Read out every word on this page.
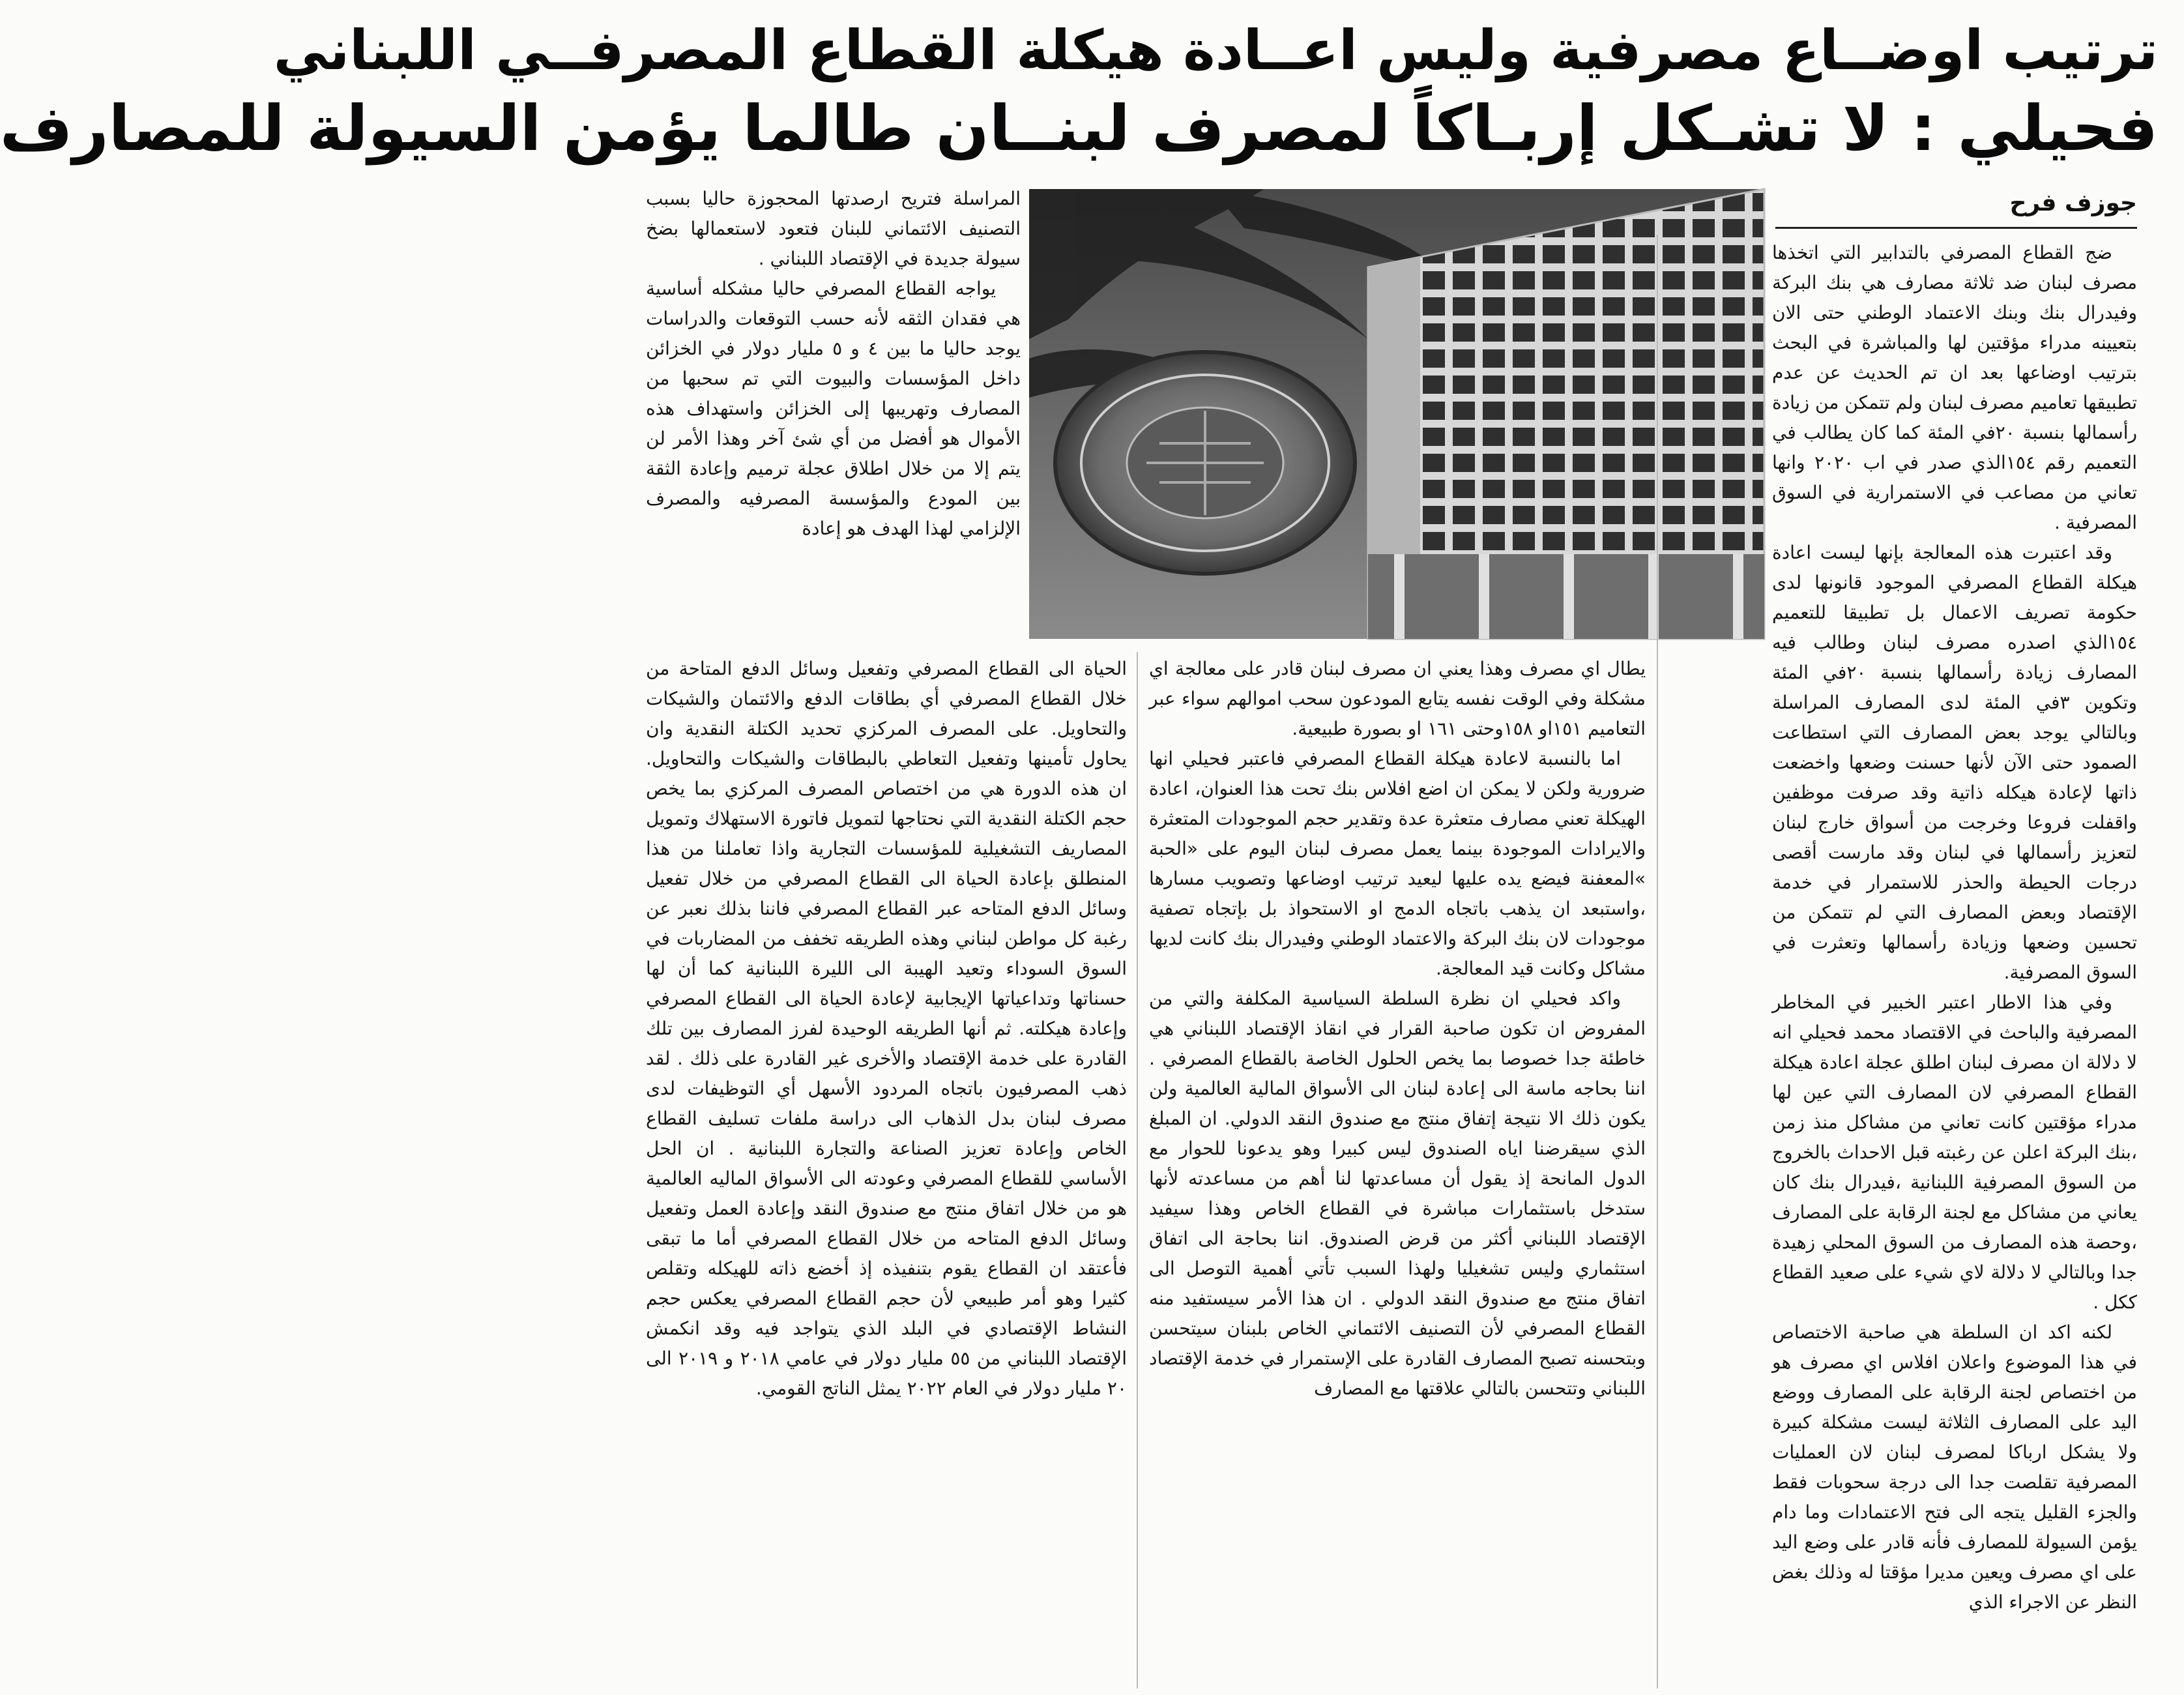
ترتيب اوضــاع مصرفية وليس اعــادة هيكلة القطاع المصرفــي اللبناني
فحيلي : لا تشـكل إربـاكاً لمصرف لبنــان طالما يؤمن السيولة للمصارف
جوزف فرح

ضج القطاع المصرفي بالتدابير التي اتخذها مصرف لبنان ضد ثلاثة مصارف هي بنك البركة وفيدرال بنك وبنك الاعتماد الوطني حتى الان بتعيينه مدراء مؤقتين لها والمباشرة في البحث بترتيب اوضاعها بعد ان تم الحديث عن عدم تطبيقها تعاميم مصرف لبنان ولم تتمكن من زيادة رأسمالها بنسبة ٢٠في المئة كما كان يطالب في التعميم رقم ١٥٤الذي صدر في اب ٢٠٢٠ وانها تعاني من مصاعب في الاستمرارية في السوق المصرفية .

وقد اعتبرت هذه المعالجة بإنها ليست اعادة هيكلة القطاع المصرفي الموجود قانونها لدى حكومة تصريف الاعمال بل تطبيقا للتعميم ١٥٤الذي اصدره مصرف لبنان وطالب فيه المصارف زيادة رأسمالها بنسبة ٢٠في المئة وتكوين ٣في المئة لدى المصارف المراسلة وبالتالي يوجد بعض المصارف التي استطاعت الصمود حتى الآن لأنها حسنت وضعها واخضعت ذاتها لإعادة هيكله ذاتية وقد صرفت موظفين واقفلت فروعا وخرجت من أسواق خارج لبنان لتعزيز رأسمالها في لبنان وقد مارست أقصى درجات الحيطة والحذر للاستمرار في خدمة الإقتصاد وبعض المصارف التي لم تتمكن من تحسين وضعها وزيادة رأسمالها وتعثرت في السوق المصرفية.

وفي هذا الاطار اعتبر الخبير في المخاطر المصرفية والباحث في الاقتصاد محمد فحيلي انه لا دلالة ان مصرف لبنان اطلق عجلة اعادة هيكلة القطاع المصرفي لان المصارف التي عين لها مدراء مؤقتين كانت تعاني من مشاكل منذ زمن ،بنك البركة اعلن عن رغبته قبل الاحداث بالخروج من السوق المصرفية اللبنانية ،فيدرال بنك كان يعاني من مشاكل مع لجنة الرقابة على المصارف ،وحصة هذه المصارف من السوق المحلي زهيدة جدا وبالتالي لا دلالة لاي شيء على صعيد القطاع ككل .

لكنه اكد ان السلطة هي صاحبة الاختصاص في هذا الموضوع واعلان افلاس اي مصرف هو من اختصاص لجنة الرقابة على المصارف ووضع اليد على المصارف الثلاثة ليست مشكلة كبيرة ولا يشكل ارباكا لمصرف لبنان لان العمليات المصرفية تقلصت جدا الى درجة سحوبات فقط والجزء القليل يتجه الى فتح الاعتمادات وما دام يؤمن السيولة للمصارف فأنه قادر على وضع اليد على اي مصرف ويعين مديرا مؤقتا له وذلك بغض النظر عن الاجراء الذي

المراسلة فتريح ارصدتها المحجوزة حاليا بسبب التصنيف الائتماني للبنان فتعود لاستعمالها بضخ سيولة جديدة في الإقتصاد اللبناني .

يواجه القطاع المصرفي حاليا مشكله أساسية هي فقدان الثقه لأنه حسب التوقعات والدراسات يوجد حاليا ما بين ٤ و ٥ مليار دولار في الخزائن داخل المؤسسات والبيوت التي تم سحبها من المصارف وتهريبها إلى الخزائن واستهداف هذه الأموال هو أفضل من أي شئ آخر وهذا الأمر لن يتم إلا من خلال اطلاق عجلة ترميم وإعادة الثقة بين المودع والمؤسسة المصرفيه والمصرف الإلزامي لهذا الهدف هو إعادة

يطال اي مصرف وهذا يعني ان مصرف لبنان قادر على معالجة اي مشكلة وفي الوقت نفسه يتابع المودعون سحب اموالهم سواء عبر التعاميم ١٥١او ١٥٨وحتى ١٦١ او بصورة طبيعية.

اما بالنسبة لاعادة هيكلة القطاع المصرفي فاعتبر فحيلي انها ضرورية ولكن لا يمكن ان اضع افلاس بنك تحت هذا العنوان، اعادة الهيكلة تعني مصارف متعثرة عدة وتقدير حجم الموجودات المتعثرة والايرادات الموجودة بينما يعمل مصرف لبنان اليوم على «الحبة »المعفنة فيضع يده عليها ليعيد ترتيب اوضاعها وتصويب مسارها ،واستبعد ان يذهب باتجاه الدمج او الاستحواذ بل بإتجاه تصفية موجودات لان بنك البركة والاعتماد الوطني وفيدرال بنك كانت لديها مشاكل وكانت قيد المعالجة.

واكد فحيلي ان نظرة السلطة السياسية المكلفة والتي من المفروض ان تكون صاحبة القرار في انقاذ الإقتصاد اللبناني هي خاطئة جدا خصوصا بما يخص الحلول الخاصة بالقطاع المصرفي . اننا بحاجه ماسة الى إعادة لبنان الى الأسواق المالية العالمية ولن يكون ذلك الا نتيجة إتفاق منتج مع صندوق النقد الدولي. ان المبلغ الذي سيقرضنا اياه الصندوق ليس كبيرا وهو يدعونا للحوار مع الدول المانحة إذ يقول أن مساعدتها لنا أهم من مساعدته لأنها ستدخل باستثمارات مباشرة في القطاع الخاص وهذا سيفيد الإقتصاد اللبناني أكثر من قرض الصندوق. اننا بحاجة الى اتفاق استثماري وليس تشغيليا ولهذا السبب تأتي أهمية التوصل الى اتفاق منتج مع صندوق النقد الدولي . ان هذا الأمر سيستفيد منه القطاع المصرفي لأن التصنيف الائتماني الخاص بلبنان سيتحسن وبتحسنه تصبح المصارف القادرة على الإستمرار في خدمة الإقتصاد اللبناني وتتحسن بالتالي علاقتها مع المصارف

الحياة الى القطاع المصرفي وتفعيل وسائل الدفع المتاحة من خلال القطاع المصرفي أي بطاقات الدفع والائتمان والشيكات والتحاويل. على المصرف المركزي تحديد الكتلة النقدية وان يحاول تأمينها وتفعيل التعاطي بالبطاقات والشيكات والتحاويل. ان هذه الدورة هي من اختصاص المصرف المركزي بما يخص حجم الكتلة النقدية التي نحتاجها لتمويل فاتورة الاستهلاك وتمويل المصاريف التشغيلية للمؤسسات التجارية واذا تعاملنا من هذا المنطلق بإعادة الحياة الى القطاع المصرفي من خلال تفعيل وسائل الدفع المتاحه عبر القطاع المصرفي فاننا بذلك نعبر عن رغبة كل مواطن لبناني وهذه الطريقه تخفف من المضاربات في السوق السوداء وتعيد الهيبة الى الليرة اللبنانية كما أن لها حسناتها وتداعياتها الإيجابية لإعادة الحياة الى القطاع المصرفي وإعادة هيكلته. ثم أنها الطريقه الوحيدة لفرز المصارف بين تلك القادرة على خدمة الإقتصاد والأخرى غير القادرة على ذلك . لقد ذهب المصرفيون باتجاه المردود الأسهل أي التوظيفات لدى مصرف لبنان بدل الذهاب الى دراسة ملفات تسليف القطاع الخاص وإعادة تعزيز الصناعة والتجارة اللبنانية . ان الحل الأساسي للقطاع المصرفي وعودته الى الأسواق الماليه العالمية هو من خلال اتفاق منتج مع صندوق النقد وإعادة العمل وتفعيل وسائل الدفع المتاحه من خلال القطاع المصرفي أما ما تبقى فأعتقد ان القطاع يقوم بتنفيذه إذ أخضع ذاته للهيكله وتقلص كثيرا وهو أمر طبيعي لأن حجم القطاع المصرفي يعكس حجم النشاط الإقتصادي في البلد الذي يتواجد فيه وقد انكمش الإقتصاد اللبناني من ٥٥ مليار دولار في عامي ٢٠١٨ و ٢٠١٩ الى ٢٠ مليار دولار في العام ٢٠٢٢ يمثل الناتج القومي.
